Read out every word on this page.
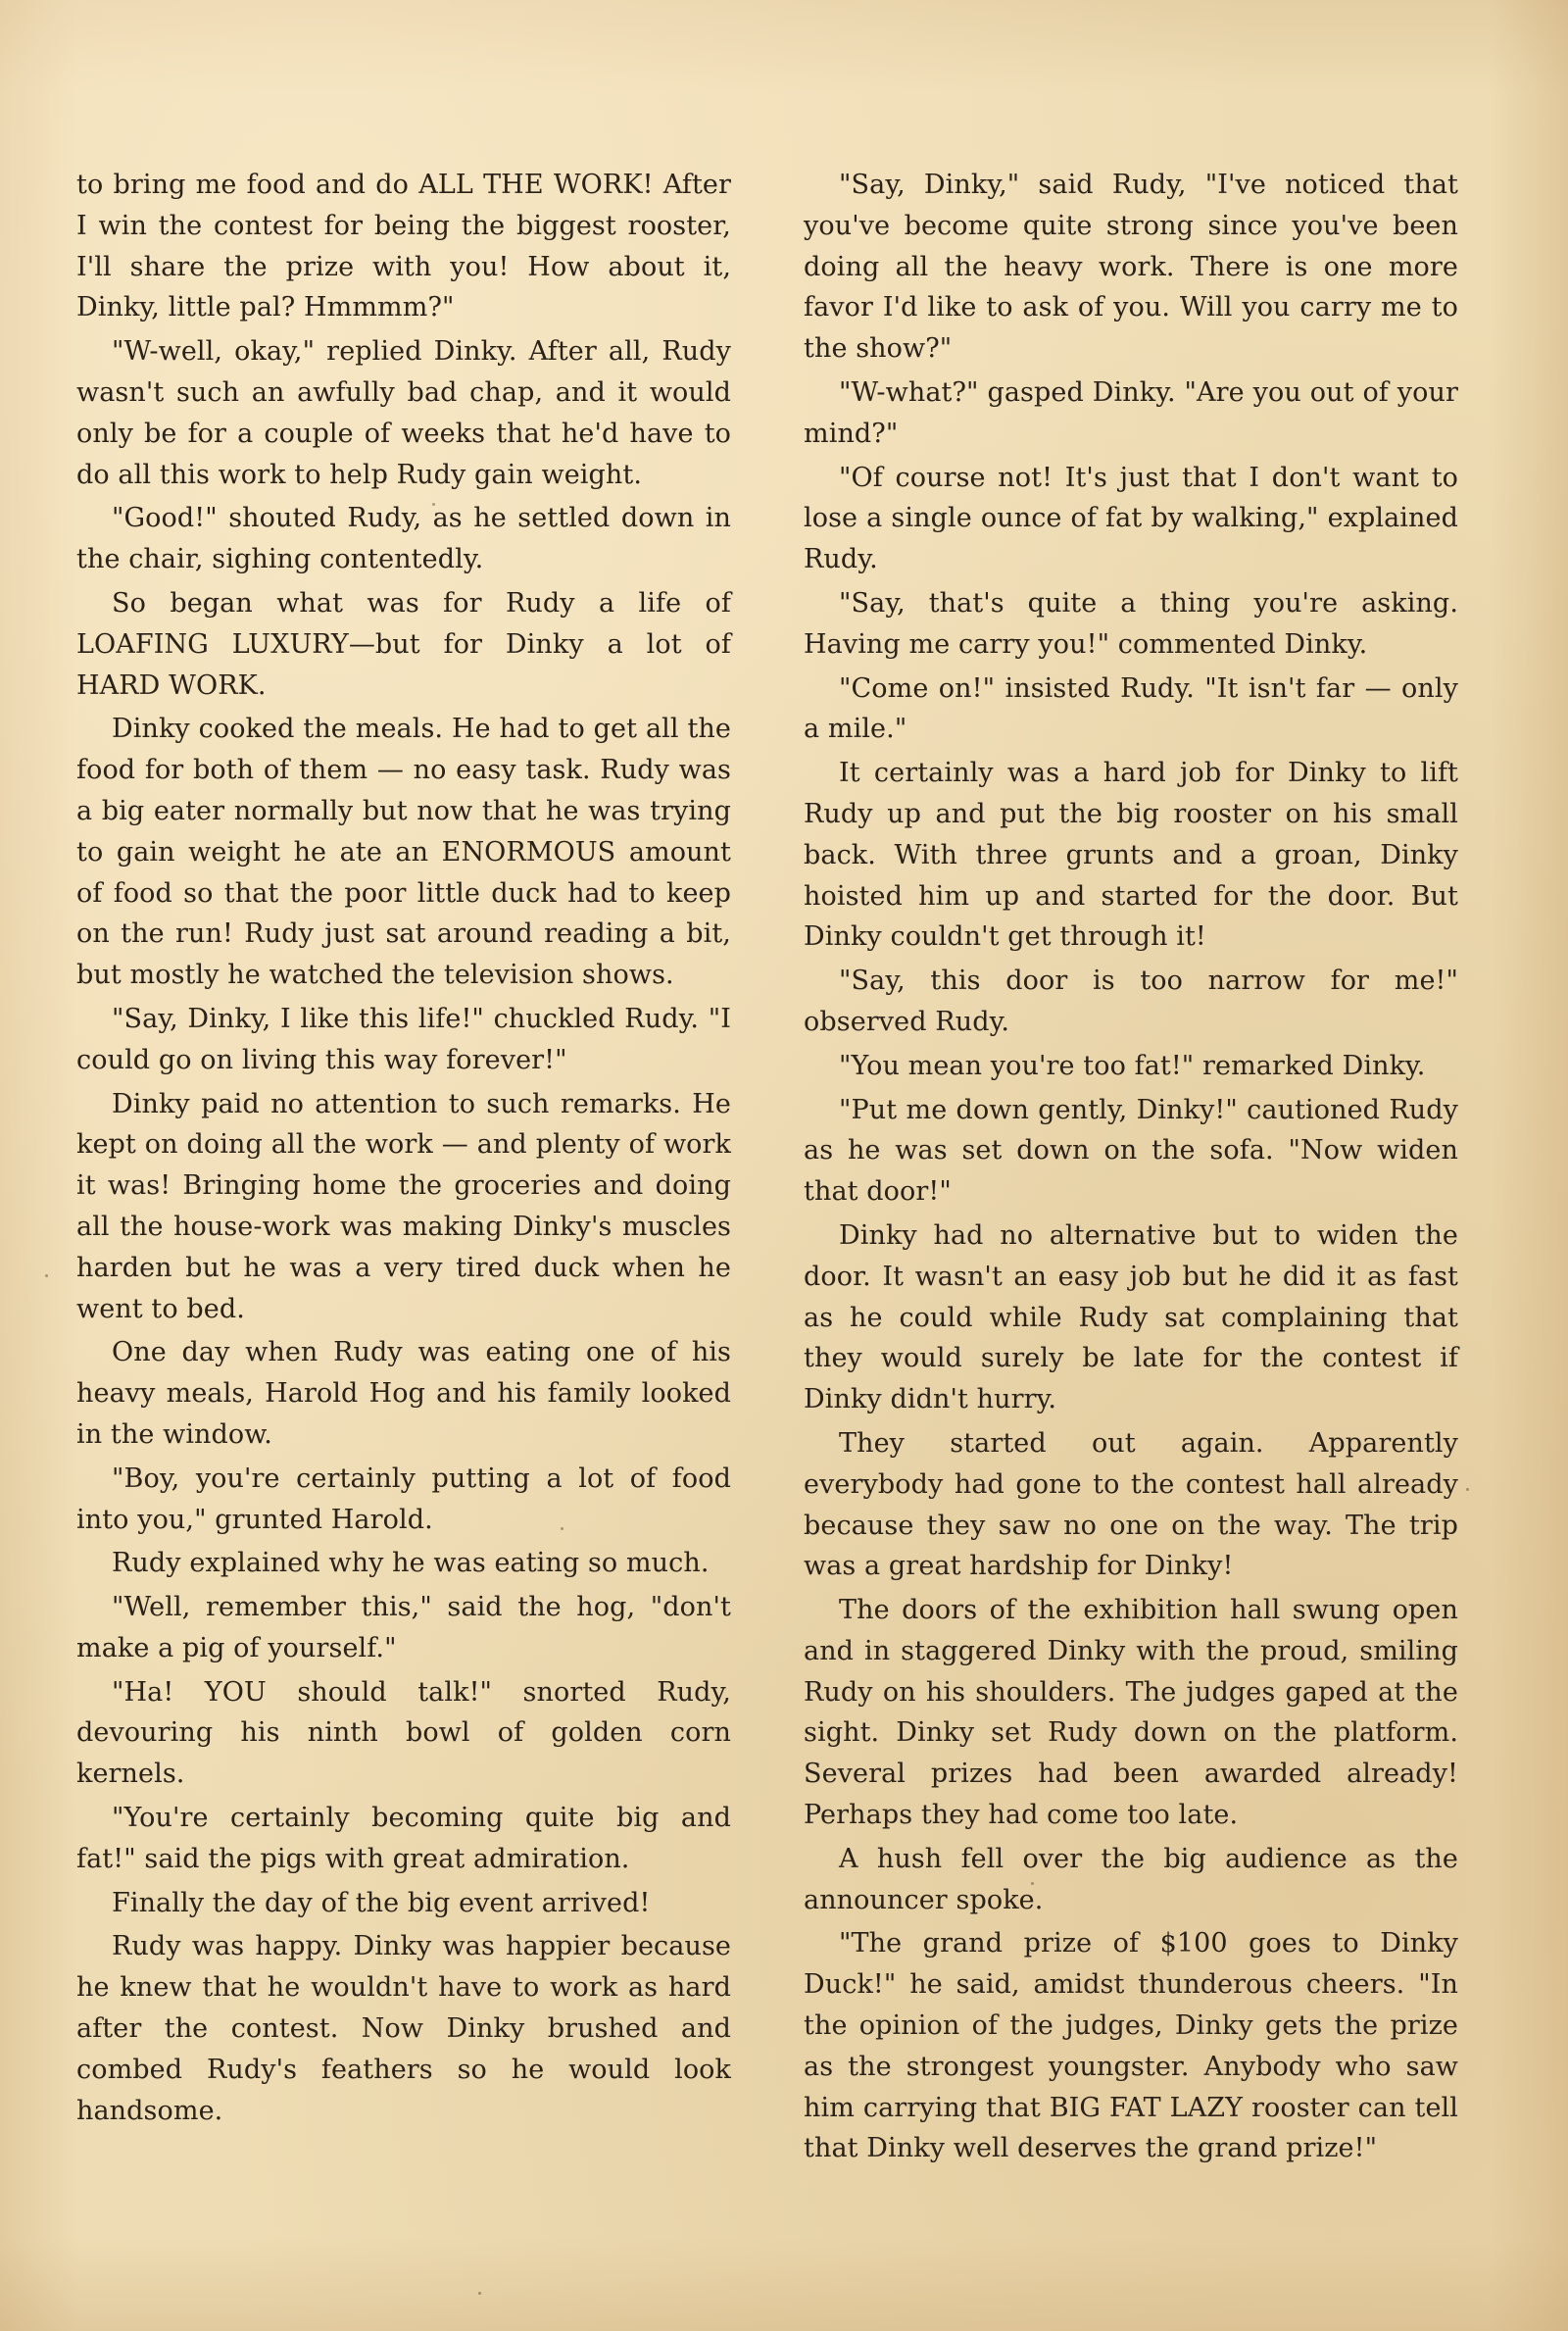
to bring me food and do ALL THE WORK! After I win the contest for being the biggest rooster, I'll share the prize with you! How about it, Dinky, little pal? Hmmmm?"

"W-well, okay," replied Dinky. After all, Rudy wasn't such an awfully bad chap, and it would only be for a couple of weeks that he'd have to do all this work to help Rudy gain weight.

"Good!" shouted Rudy, as he settled down in the chair, sighing contentedly.

So began what was for Rudy a life of LOAFING LUXURY—but for Dinky a lot of HARD WORK.

Dinky cooked the meals. He had to get all the food for both of them — no easy task. Rudy was a big eater normally but now that he was trying to gain weight he ate an ENORMOUS amount of food so that the poor little duck had to keep on the run! Rudy just sat around reading a bit, but mostly he watched the television shows.

"Say, Dinky, I like this life!" chuckled Rudy. "I could go on living this way forever!"

Dinky paid no attention to such remarks. He kept on doing all the work — and plenty of work it was! Bringing home the groceries and doing all the house-work was making Dinky's muscles harden but he was a very tired duck when he went to bed.

One day when Rudy was eating one of his heavy meals, Harold Hog and his family looked in the window.

"Boy, you're certainly putting a lot of food into you," grunted Harold.

Rudy explained why he was eating so much.

"Well, remember this," said the hog, "don't make a pig of yourself."

"Ha! YOU should talk!" snorted Rudy, devouring his ninth bowl of golden corn kernels.

"You're certainly becoming quite big and fat!" said the pigs with great admiration.

Finally the day of the big event arrived!

Rudy was happy. Dinky was happier because he knew that he wouldn't have to work as hard after the contest. Now Dinky brushed and combed Rudy's feathers so he would look handsome.

"Say, Dinky," said Rudy, "I've noticed that you've become quite strong since you've been doing all the heavy work. There is one more favor I'd like to ask of you. Will you carry me to the show?"

"W-what?" gasped Dinky. "Are you out of your mind?"

"Of course not! It's just that I don't want to lose a single ounce of fat by walking," explained Rudy.

"Say, that's quite a thing you're asking. Having me carry you!" commented Dinky.

"Come on!" insisted Rudy. "It isn't far — only a mile."

It certainly was a hard job for Dinky to lift Rudy up and put the big rooster on his small back. With three grunts and a groan, Dinky hoisted him up and started for the door. But Dinky couldn't get through it!

"Say, this door is too narrow for me!" observed Rudy.

"You mean you're too fat!" remarked Dinky.

"Put me down gently, Dinky!" cautioned Rudy as he was set down on the sofa. "Now widen that door!"

Dinky had no alternative but to widen the door. It wasn't an easy job but he did it as fast as he could while Rudy sat complaining that they would surely be late for the contest if Dinky didn't hurry.

They started out again. Apparently everybody had gone to the contest hall already because they saw no one on the way. The trip was a great hardship for Dinky!

The doors of the exhibition hall swung open and in staggered Dinky with the proud, smiling Rudy on his shoulders. The judges gaped at the sight. Dinky set Rudy down on the platform. Several prizes had been awarded already! Perhaps they had come too late.

A hush fell over the big audience as the announcer spoke.

"The grand prize of $100 goes to Dinky Duck!" he said, amidst thunderous cheers. "In the opinion of the judges, Dinky gets the prize as the strongest youngster. Anybody who saw him carrying that BIG FAT LAZY rooster can tell that Dinky well deserves the grand prize!"
